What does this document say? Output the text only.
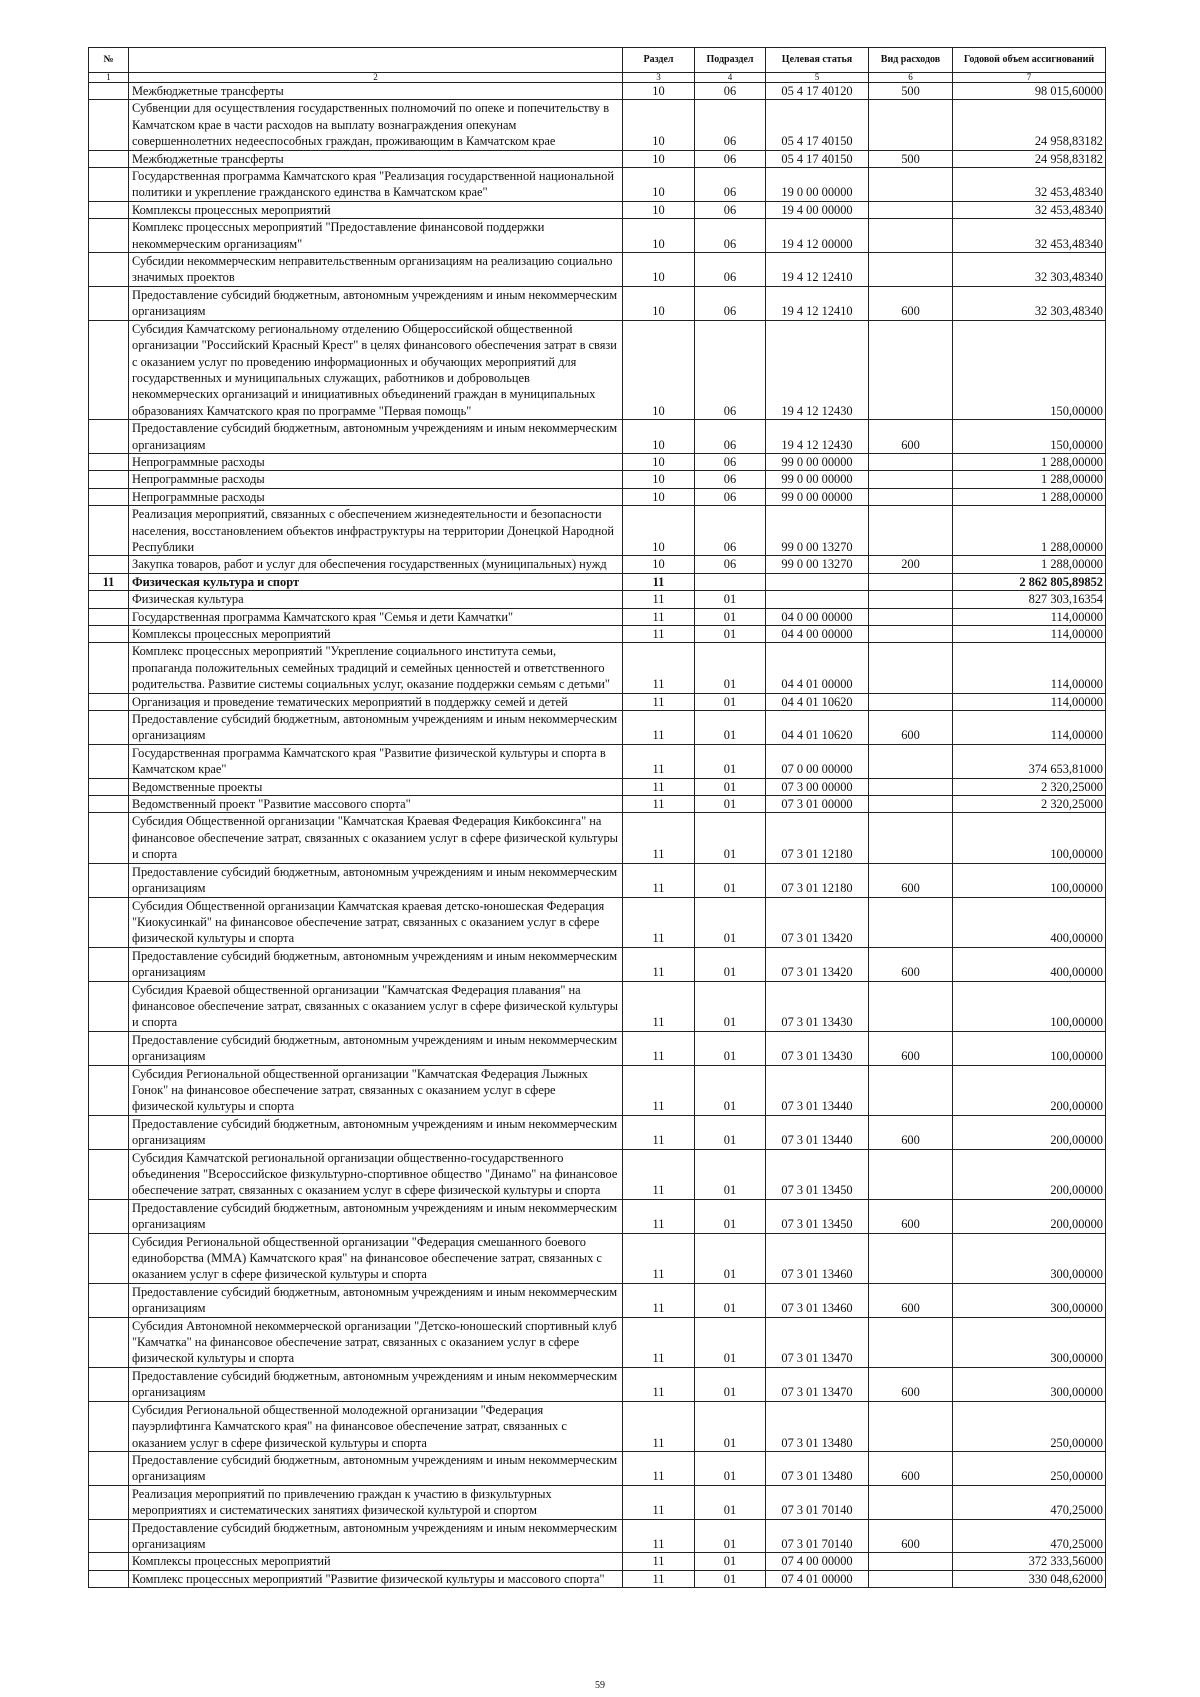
№		Раздел	Подраздел	Целевая статья	Вид расходов	Годовой объем ассигнований
1	2	3	4	5	6	7
	Межбюджетные трансферты	10	06	05 4 17 40120	500	98 015,60000
	Субвенции для осуществления государственных полномочий по опеке и попечительству в Камчатском крае в части расходов на выплату вознаграждения опекунам совершеннолетних недееспособных граждан, проживающим в Камчатском крае	10	06	05 4 17 40150		24 958,83182
	Межбюджетные трансферты	10	06	05 4 17 40150	500	24 958,83182
	Государственная программа Камчатского края "Реализация государственной национальной политики и укрепление гражданского единства в Камчатском крае"	10	06	19 0 00 00000		32 453,48340
	Комплексы процессных мероприятий	10	06	19 4 00 00000		32 453,48340
	Комплекс процессных мероприятий "Предоставление финансовой поддержки некоммерческим организациям"	10	06	19 4 12 00000		32 453,48340
	Субсидии некоммерческим неправительственным организациям на реализацию социально значимых проектов	10	06	19 4 12 12410		32 303,48340
	Предоставление субсидий бюджетным, автономным учреждениям и иным некоммерческим организациям	10	06	19 4 12 12410	600	32 303,48340
	Субсидия Камчатскому региональному отделению Общероссийской общественной организации "Российский Красный Крест" в целях финансового обеспечения затрат в связи с оказанием услуг по проведению информационных и обучающих мероприятий для государственных и муниципальных служащих, работников и добровольцев некоммерческих организаций и инициативных объединений граждан в муниципальных образованиях Камчатского края по программе "Первая помощь"	10	06	19 4 12 12430		150,00000
	Предоставление субсидий бюджетным, автономным учреждениям и иным некоммерческим организациям	10	06	19 4 12 12430	600	150,00000
	Непрограммные расходы	10	06	99 0 00 00000		1 288,00000
	Непрограммные расходы	10	06	99 0 00 00000		1 288,00000
	Непрограммные расходы	10	06	99 0 00 00000		1 288,00000
	Реализация мероприятий, связанных с обеспечением жизнедеятельности и безопасности населения, восстановлением объектов инфраструктуры на территории Донецкой Народной Республики	10	06	99 0 00 13270		1 288,00000
	Закупка товаров, работ и услуг для обеспечения государственных (муниципальных) нужд	10	06	99 0 00 13270	200	1 288,00000
11	Физическая культура и спорт	11				2 862 805,89852
	Физическая культура	11	01			827 303,16354
	Государственная программа Камчатского края "Семья и дети Камчатки"	11	01	04 0 00 00000		114,00000
	Комплексы процессных мероприятий	11	01	04 4 00 00000		114,00000
	Комплекс процессных мероприятий "Укрепление социального института семьи, пропаганда положительных семейных традиций и семейных ценностей и ответственного родительства. Развитие системы социальных услуг, оказание поддержки семьям с детьми"	11	01	04 4 01 00000		114,00000
	Организация и проведение тематических мероприятий в поддержку семей и детей	11	01	04 4 01 10620		114,00000
	Предоставление субсидий бюджетным, автономным учреждениям и иным некоммерческим организациям	11	01	04 4 01 10620	600	114,00000
	Государственная программа Камчатского края "Развитие физической культуры и спорта в Камчатском крае"	11	01	07 0 00 00000		374 653,81000
	Ведомственные проекты	11	01	07 3 00 00000		2 320,25000
	Ведомственный проект "Развитие массового спорта"	11	01	07 3 01 00000		2 320,25000
	Субсидия Общественной организации "Камчатская Краевая Федерация Кикбоксинга" на финансовое обеспечение затрат, связанных с оказанием услуг в сфере физической культуры и спорта	11	01	07 3 01 12180		100,00000
	Предоставление субсидий бюджетным, автономным учреждениям и иным некоммерческим организациям	11	01	07 3 01 12180	600	100,00000
	Субсидия Общественной организации Камчатская краевая детско-юношеская Федерация "Киокусинкай" на финансовое обеспечение затрат, связанных с оказанием услуг в сфере физической культуры и спорта	11	01	07 3 01 13420		400,00000
	Предоставление субсидий бюджетным, автономным учреждениям и иным некоммерческим организациям	11	01	07 3 01 13420	600	400,00000
	Субсидия Краевой общественной организации "Камчатская Федерация плавания" на финансовое обеспечение затрат, связанных с оказанием услуг в сфере физической культуры и спорта	11	01	07 3 01 13430		100,00000
	Предоставление субсидий бюджетным, автономным учреждениям и иным некоммерческим организациям	11	01	07 3 01 13430	600	100,00000
	Субсидия Региональной общественной организации "Камчатская Федерация Лыжных Гонок" на финансовое обеспечение затрат, связанных с оказанием услуг в сфере физической культуры и спорта	11	01	07 3 01 13440		200,00000
	Предоставление субсидий бюджетным, автономным учреждениям и иным некоммерческим организациям	11	01	07 3 01 13440	600	200,00000
	Субсидия Камчатской региональной организации общественно-государственного объединения "Всероссийское физкультурно-спортивное общество "Динамо" на финансовое обеспечение затрат, связанных с оказанием услуг в сфере физической культуры и спорта	11	01	07 3 01 13450		200,00000
	Предоставление субсидий бюджетным, автономным учреждениям и иным некоммерческим организациям	11	01	07 3 01 13450	600	200,00000
	Субсидия Региональной общественной организации "Федерация смешанного боевого единоборства (ММА) Камчатского края" на финансовое обеспечение затрат, связанных с оказанием услуг в сфере физической культуры и спорта	11	01	07 3 01 13460		300,00000
	Предоставление субсидий бюджетным, автономным учреждениям и иным некоммерческим организациям	11	01	07 3 01 13460	600	300,00000
	Субсидия Автономной некоммерческой организации "Детско-юношеский спортивный клуб "Камчатка" на финансовое обеспечение затрат, связанных с оказанием услуг в сфере физической культуры и спорта	11	01	07 3 01 13470		300,00000
	Предоставление субсидий бюджетным, автономным учреждениям и иным некоммерческим организациям	11	01	07 3 01 13470	600	300,00000
	Субсидия Региональной общественной молодежной организации "Федерация пауэрлифтинга Камчатского края" на финансовое обеспечение затрат, связанных с оказанием услуг в сфере физической культуры и спорта	11	01	07 3 01 13480		250,00000
	Предоставление субсидий бюджетным, автономным учреждениям и иным некоммерческим организациям	11	01	07 3 01 13480	600	250,00000
	Реализация мероприятий по привлечению граждан к участию в физкультурных мероприятиях и систематических занятиях физической культурой и спортом	11	01	07 3 01 70140		470,25000
	Предоставление субсидий бюджетным, автономным учреждениям и иным некоммерческим организациям	11	01	07 3 01 70140	600	470,25000
	Комплексы процессных мероприятий	11	01	07 4 00 00000		372 333,56000
	Комплекс процессных мероприятий "Развитие физической культуры и массового спорта"	11	01	07 4 01 00000		330 048,62000
59
